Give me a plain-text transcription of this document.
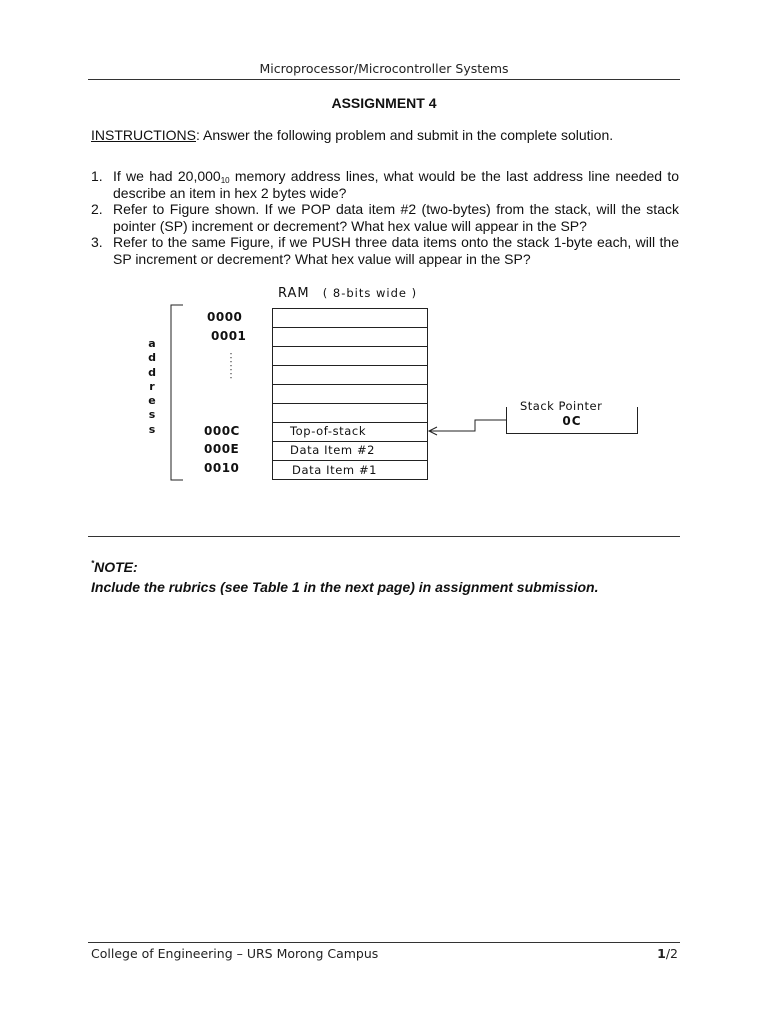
Microprocessor/Microcontroller Systems
ASSIGNMENT 4
INSTRUCTIONS: Answer the following problem and submit in the complete solution.
1. If we had $20,000_{10}$ memory address lines, what would be the last address line needed to
describe an item in hex 2 bytes wide?
2. Refer to Figure shown. If we POP data item #2 (two-bytes) from the stack, will the stack
pointer (SP) increment or decrement? What hex value will appear in the SP?
3. Refer to the same Figure, if we PUSH three data items onto the stack 1-byte each, will the
SP increment or decrement? What hex value will appear in the SP?
RAM ( 8-bits wide )
a
d
d
r
e
s
s
0000
0001
000C
000E
0010
Top-of-stack
Data Item #2
Data Item #1
Stack Pointer
0C
*NOTE:
Include the rubrics (see Table 1 in the next page) in assignment submission.
College of Engineering – URS Morong Campus	1/2
